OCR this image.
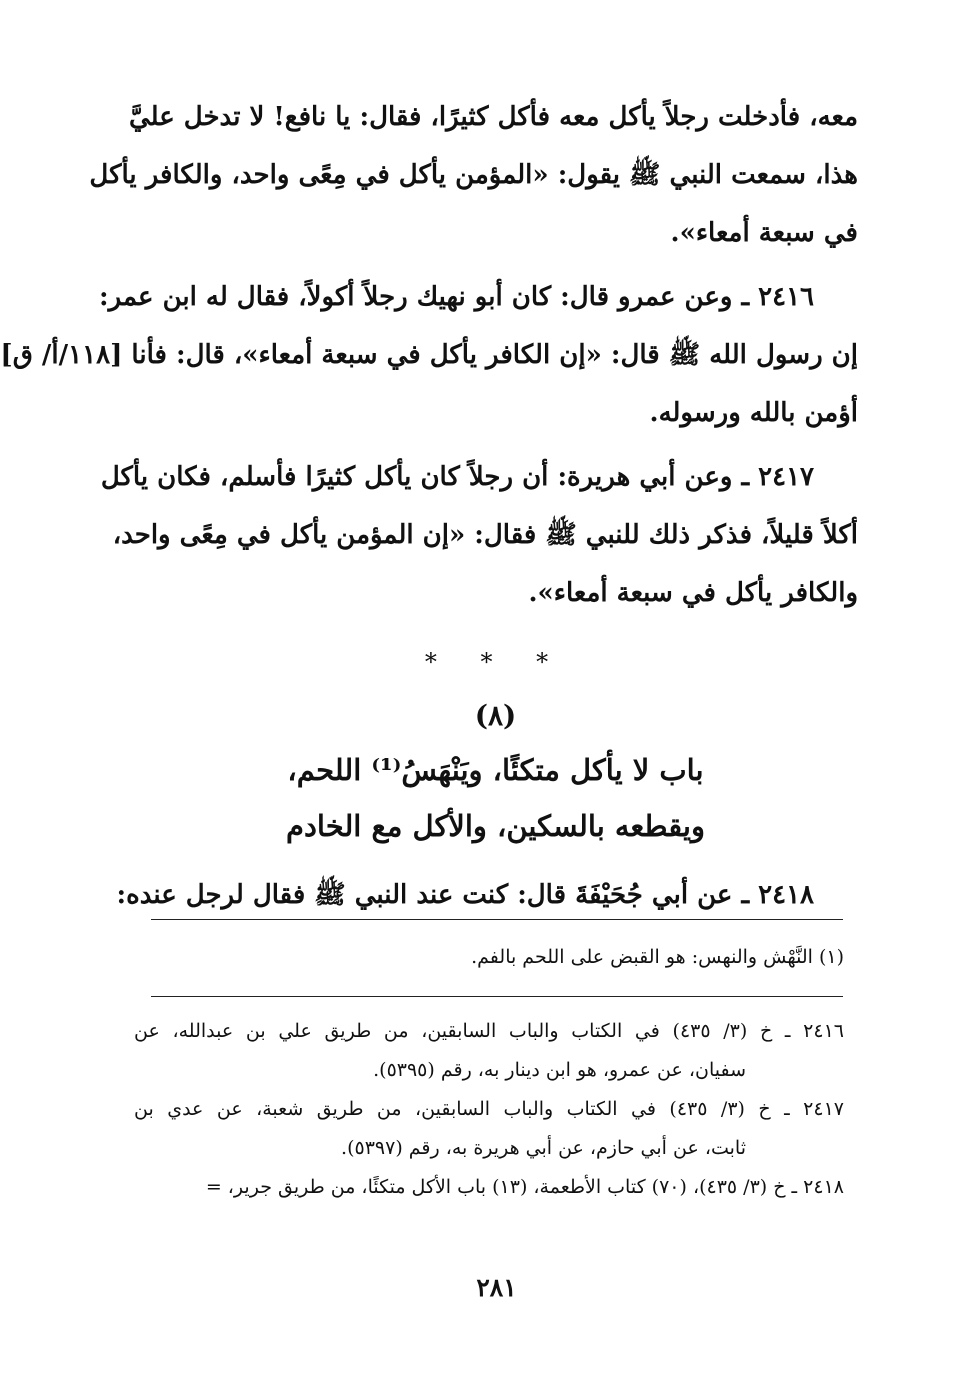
معه، فأدخلت رجلاً يأكل معه فأكل كثيرًا، فقال: يا نافع! لا تدخل عليَّ
هذا، سمعت النبي ﷺ يقول: «المؤمن يأكل في مِعًى واحد، والكافر يأكل
في سبعة أمعاء».
٢٤١٦ ـ وعن عمرو قال: كان أبو نهيك رجلاً أكولاً، فقال له ابن عمر:
إن رسول الله ﷺ قال: «إن الكافر يأكل في سبعة أمعاء»، قال: فأنا [١١٨/أ/ ق]
أؤمن بالله ورسوله.
٢٤١٧ ـ وعن أبي هريرة: أن رجلاً كان يأكل كثيرًا فأسلم، فكان يأكل
أكلاً قليلاً، فذكر ذلك للنبي ﷺ فقال: «إن المؤمن يأكل في مِعًى واحد،
والكافر يأكل في سبعة أمعاء».
* * *
(٨)
باب لا يأكل متكئًا، ويَنْهَسُ⁽¹⁾ اللحم،
ويقطعه بالسكين، والأكل مع الخادم
٢٤١٨ ـ عن أبي جُحَيْفَةَ قال: كنت عند النبي ﷺ فقال لرجل عنده:
(١) النَّهْش والنهس: هو القبض على اللحم بالفم.
٢٤١٦ ـ خ (٣/ ٤٣٥) في الكتاب والباب السابقين، من طريق علي بن عبدالله، عن
سفيان، عن عمرو، هو ابن دينار به، رقم (٥٣٩٥).
٢٤١٧ ـ خ (٣/ ٤٣٥) في الكتاب والباب السابقين، من طريق شعبة، عن عدي بن
ثابت، عن أبي حازم، عن أبي هريرة به، رقم (٥٣٩٧).
٢٤١٨ ـ خ (٣/ ٤٣٥)، (٧٠) كتاب الأطعمة، (١٣) باب الأكل متكئًا، من طريق جرير، =
٢٨١
